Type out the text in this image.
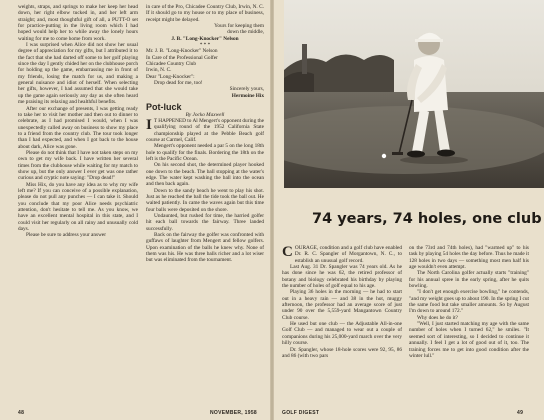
weights, straps, and springs to make her keep her head down, her right elbow tucked in, and her left arm straight; and, most thoughtful gift of all, a PUTT-O set for practice-putting in the living room which I had hoped would help her to while away the lonely hours waiting for me to come home from work.

I was surprised when Alice did not show her usual degree of appreciation for my gifts, but I attributed it to the fact that she had darted off some to her golf playing since the day I gently chided her on the clubhouse porch for holding up the game, embarrassing me in front of my friends, losing the match for us, and making a general nuisance and idiot of herself. When selecting her gifts, however, I had assumed that she would take up the game again seriously any day as she often heard me praising its relaxing and healthful benefits.

After our exchange of presents, I was getting ready to take her to visit her mother and then out to dinner to celebrate, as I had promised I would, when I was unexpectedly called away on business to show my place to a friend from the country club. The tour took longer than I had expected, and when I got back to the house about dark, Alice was gone.

Please do not think that I have not taken steps on my own to get my wife back. I have written her several times from the clubhouse while waiting for my match to show up, but the only answer I ever get was one rather curious and cryptic note saying: "Drop dead!"

Miss Hix, do you have any idea as to why my wife left me? If you can conceive of a possible explanation, please do not pull any punches — I can take it. Should you conclude that my poor Alice needs psychiatric attention, don't hesitate to tell me. As you know, we have an excellent mental hospital in this state, and I could visit her regularly on all rainy and unusually cold days.

Please be sure to address your answer

in care of the Pro, Chicadee Country Club, Irwin, N. C. If it should go to my house or to my place of business, receipt might be delayed.

Yours for keeping them

down the middle,

J. B. "Long-Knocker" Nelson

* * *

Mr. J. B. "Long-Knocker" Nelson

In Care of the Professional Golfer

Chicadee Country Club

Irwin, N. C.

Dear "Long-Knocker":

Drop dead for me, too!

Sincerely yours,

Hermoine Hix

Pot-luck

By Jocko Maxwell

I T HAPPENED to Al Mengert's opponent during the qualifying round of the 1952 California State championship played at the Pebble Beach golf course at Carmel, Calif.

Mengert's opponent needed a par 5 on the long 18th hole to qualify for the finals. Bordering the 18th on the left is the Pacific Ocean.

On his second shot, the determined player hooked one down to the beach. The ball stopping at the water's edge. The water kept washing the ball into the ocean and then back again.

Down to the sandy beach he went to play his shot. Just as he reached the ball the tide took the ball out. He waited patiently. In came the waves again but this time four balls were deposited on the shore.

Undaunted, but rushed for time, the harried golfer hit each ball towards the fairway. Three landed successfully.

Back on the fairway the golfer was confronted with guffaws of laughter from Mengert and fellow golfers. Upon examination of the balls he knew why. None of them was his. He was three balls richer and a lot wiser but was eliminated from the tournament.

74 years, 74 holes, one club

COURAGE, condition and a golf club have enabled Dr. R. C. Spangler of Morgantown, N. C., to establish an unusual golf record.

Last Aug. 31 Dr. Spangler was 74 years old. As he has done since he was 62, the retired professor of botany and biology celebrated his birthday by playing the number of holes of golf equal to his age.

Playing 36 holes in the morning — he had to start out in a heavy rain — and 38 in the hot, muggy afternoon, the professor had an average score of just under 90 over the 5,559-yard Mangantown Country Club course.

He used but one club — the Adjustable All-in-one Golf Club — and managed to wear out a couple of companions during his 25,000-yard march over the very hilly course.

Dr. Spangler, whose 18-hole scores were 92, 95, 86 and 86 (with two pars

on the 73rd and 74th holes), had "warmed up" to his task by playing 54 holes the day before. Thus he made it 128 holes in two days — something most men half his age wouldn't even attempt.

The North Carolina golfer actually starts "training" for his annual spree in the early spring, after he quits bowling.

"I don't get enough exercise bowling," he contends, "and my weight goes up to about 190. In the spring I cut the same food but take smaller amounts. So by August I'm down to around 172."

Why does he do it?

"Well, I just started matching my age with the same number of holes when I turned 62," he smiles. "It seemed sort of interesting, so I decided to continue it annually. I feel I get a lot of good out of it, too. The training forces me to get into good condition after the winter lull."

48	NOVEMBER, 1958	GOLF DIGEST	49
